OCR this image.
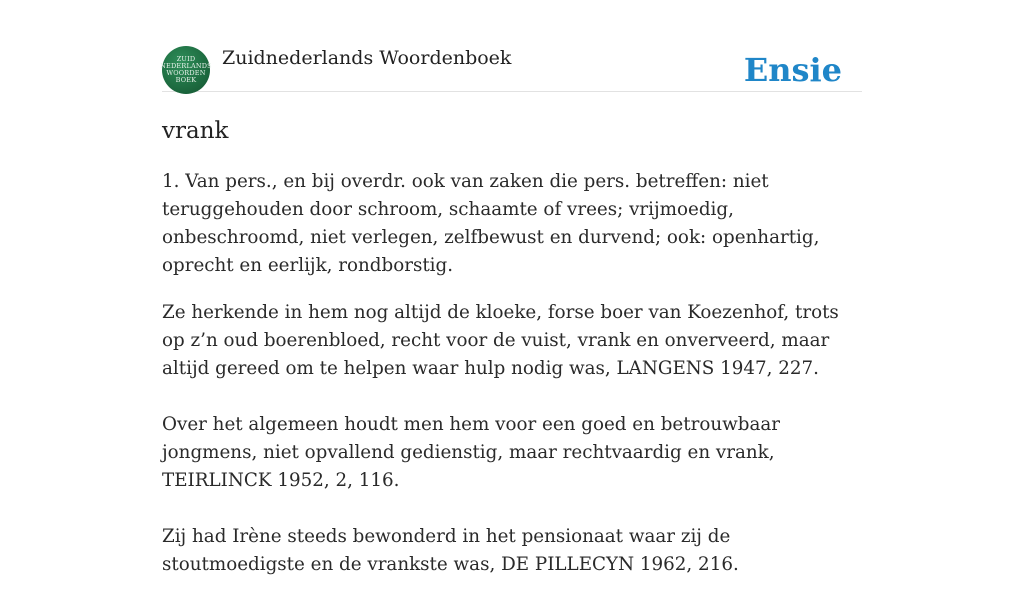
ZUID
NEDERLANDS
WOORDEN
BOEK
Zuidnederlands Woordenboek	Ensie
vrank

1. Van pers., en bij overdr. ook van zaken die pers. betreffen: niet teruggehouden door schroom, schaamte of vrees; vrijmoedig, onbeschroomd, niet verlegen, zelfbewust en durvend; ook: openhartig, oprecht en eerlijk, rondborstig.

Ze herkende in hem nog altijd de kloeke, forse boer van Koezenhof, trots op z’n oud boerenbloed, recht voor de vuist, vrank en onverveerd, maar altijd gereed om te helpen waar hulp nodig was, LANGENS 1947, 227.

Over het algemeen houdt men hem voor een goed en betrouwbaar jongmens, niet opvallend gedienstig, maar rechtvaardig en vrank, TEIRLINCK 1952, 2, 116.

Zij had Irène steeds bewonderd in het pensionaat waar zij de stoutmoedigste en de vrankste was, DE PILLECYN 1962, 216.
